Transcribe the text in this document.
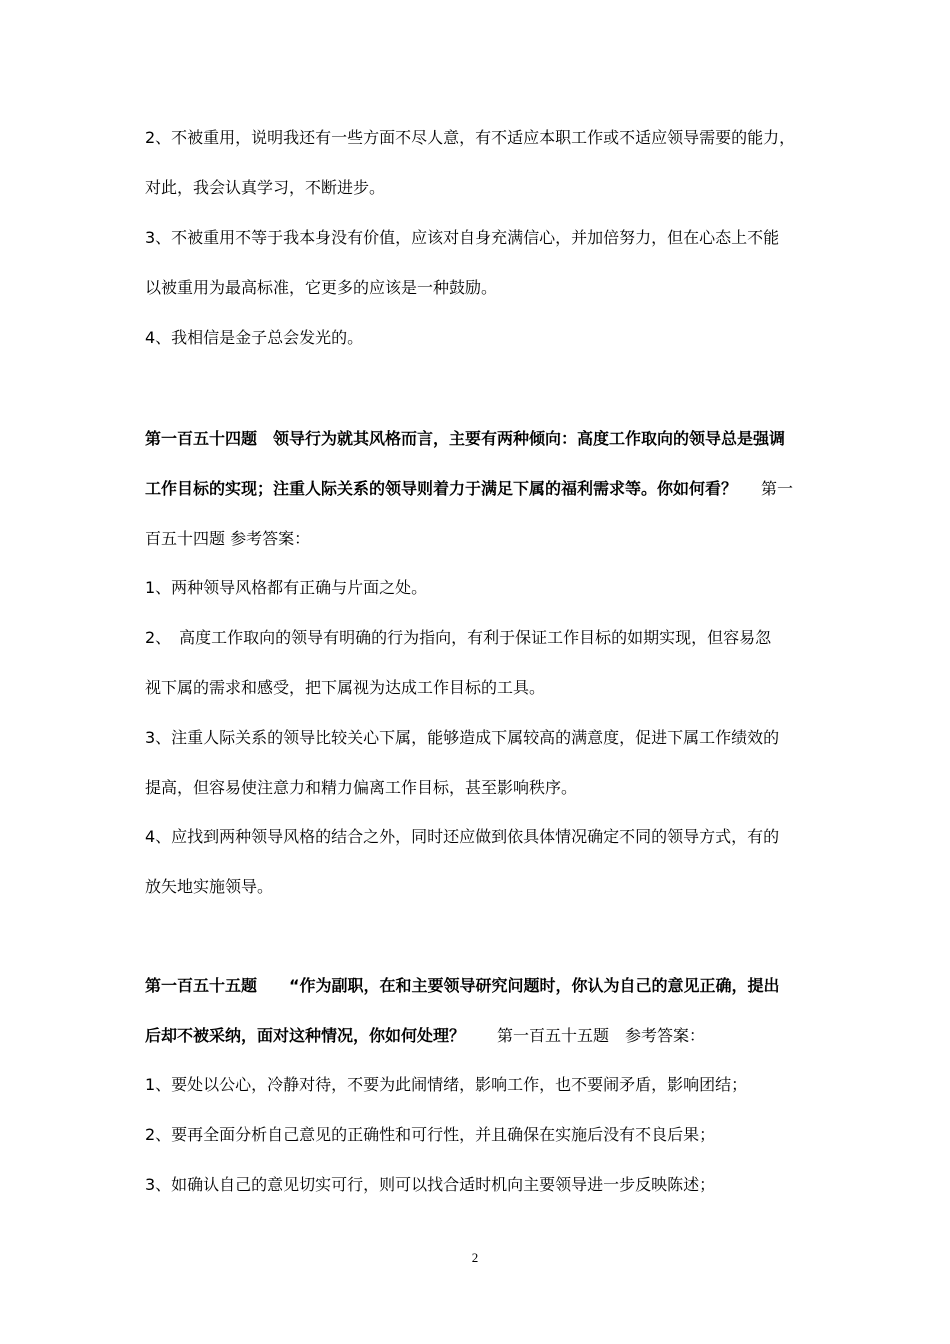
2、不被重用，说明我还有一些方面不尽人意，有不适应本职工作或不适应领导需要的能力，
对此，我会认真学习，不断进步。
3、不被重用不等于我本身没有价值，应该对自身充满信心，并加倍努力，但在心态上不能
以被重用为最高标准，它更多的应该是一种鼓励。
4、我相信是金子总会发光的。
第一百五十四题　领导行为就其风格而言，主要有两种倾向：高度工作取向的领导总是强调
工作目标的实现；注重人际关系的领导则着力于满足下属的福利需求等。你如何看？ 第一
百五十四题 参考答案：
1、两种领导风格都有正确与片面之处。
2、　高度工作取向的领导有明确的行为指向，有利于保证工作目标的如期实现，但容易忽
视下属的需求和感受，把下属视为达成工作目标的工具。
3、注重人际关系的领导比较关心下属，能够造成下属较高的满意度，促进下属工作绩效的
提高，但容易使注意力和精力偏离工作目标，甚至影响秩序。
4、应找到两种领导风格的结合之外，同时还应做到依具体情况确定不同的领导方式，有的
放矢地实施领导。
第一百五十五题　　“作为副职，在和主要领导研究问题时，你认为自己的意见正确，提出
后却不被采纳，面对这种情况，你如何处理？ 第一百五十五题　参考答案：
1、要处以公心，冷静对待，不要为此闹情绪，影响工作，也不要闹矛盾，影响团结；
2、要再全面分析自己意见的正确性和可行性，并且确保在实施后没有不良后果；
3、如确认自己的意见切实可行，则可以找合适时机向主要领导进一步反映陈述；
2
